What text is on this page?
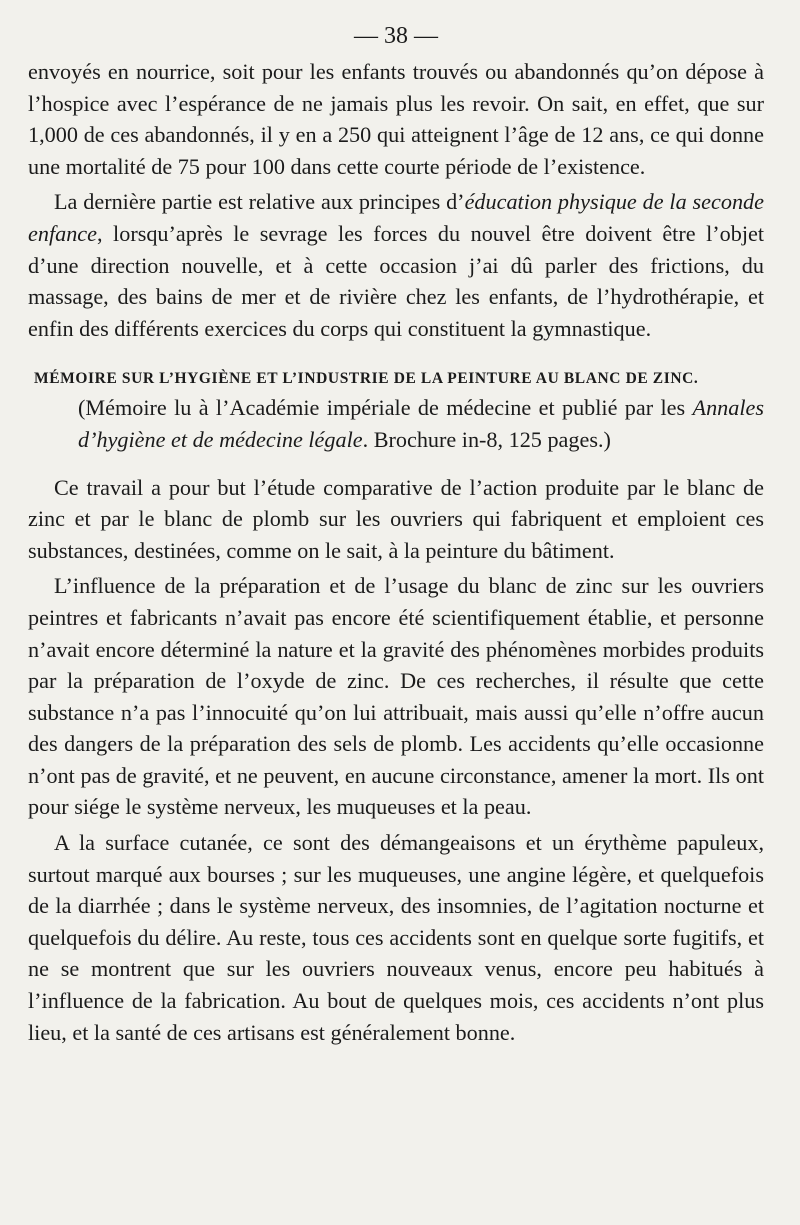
— 38 —

envoyés en nourrice, soit pour les enfants trouvés ou abandonnés qu’on dépose à l’hospice avec l’espérance de ne jamais plus les revoir. On sait, en effet, que sur 1,000 de ces abandonnés, il y en a 250 qui atteignent l’âge de 12 ans, ce qui donne une mortalité de 75 pour 100 dans cette courte période de l’existence.

La dernière partie est relative aux principes d’éducation physique de la seconde enfance, lorsqu’après le sevrage les forces du nouvel être doivent être l’objet d’une direction nouvelle, et à cette occasion j’ai dû parler des frictions, du massage, des bains de mer et de rivière chez les enfants, de l’hydrothérapie, et enfin des différents exercices du corps qui constituent la gymnastique.

MÉMOIRE SUR L’HYGIÈNE ET L’INDUSTRIE DE LA PEINTURE AU BLANC DE ZINC.
(Mémoire lu à l’Académie impériale de médecine et publié par les Annales d’hygiène et de médecine légale. Brochure in-8, 125 pages.)

Ce travail a pour but l’étude comparative de l’action produite par le blanc de zinc et par le blanc de plomb sur les ouvriers qui fabriquent et emploient ces substances, destinées, comme on le sait, à la peinture du bâtiment.

L’influence de la préparation et de l’usage du blanc de zinc sur les ouvriers peintres et fabricants n’avait pas encore été scientifiquement établie, et personne n’avait encore déterminé la nature et la gravité des phénomènes morbides produits par la préparation de l’oxyde de zinc. De ces recherches, il résulte que cette substance n’a pas l’innocuité qu’on lui attribuait, mais aussi qu’elle n’offre aucun des dangers de la préparation des sels de plomb. Les accidents qu’elle occasionne n’ont pas de gravité, et ne peuvent, en aucune circonstance, amener la mort. Ils ont pour siége le système nerveux, les muqueuses et la peau.

A la surface cutanée, ce sont des démangeaisons et un érythème papuleux, surtout marqué aux bourses ; sur les muqueuses, une angine légère, et quelquefois de la diarrhée ; dans le système nerveux, des insomnies, de l’agitation nocturne et quelquefois du délire. Au reste, tous ces accidents sont en quelque sorte fugitifs, et ne se montrent que sur les ouvriers nouveaux venus, encore peu habitués à l’influence de la fabrication. Au bout de quelques mois, ces accidents n’ont plus lieu, et la santé de ces artisans est généralement bonne.
